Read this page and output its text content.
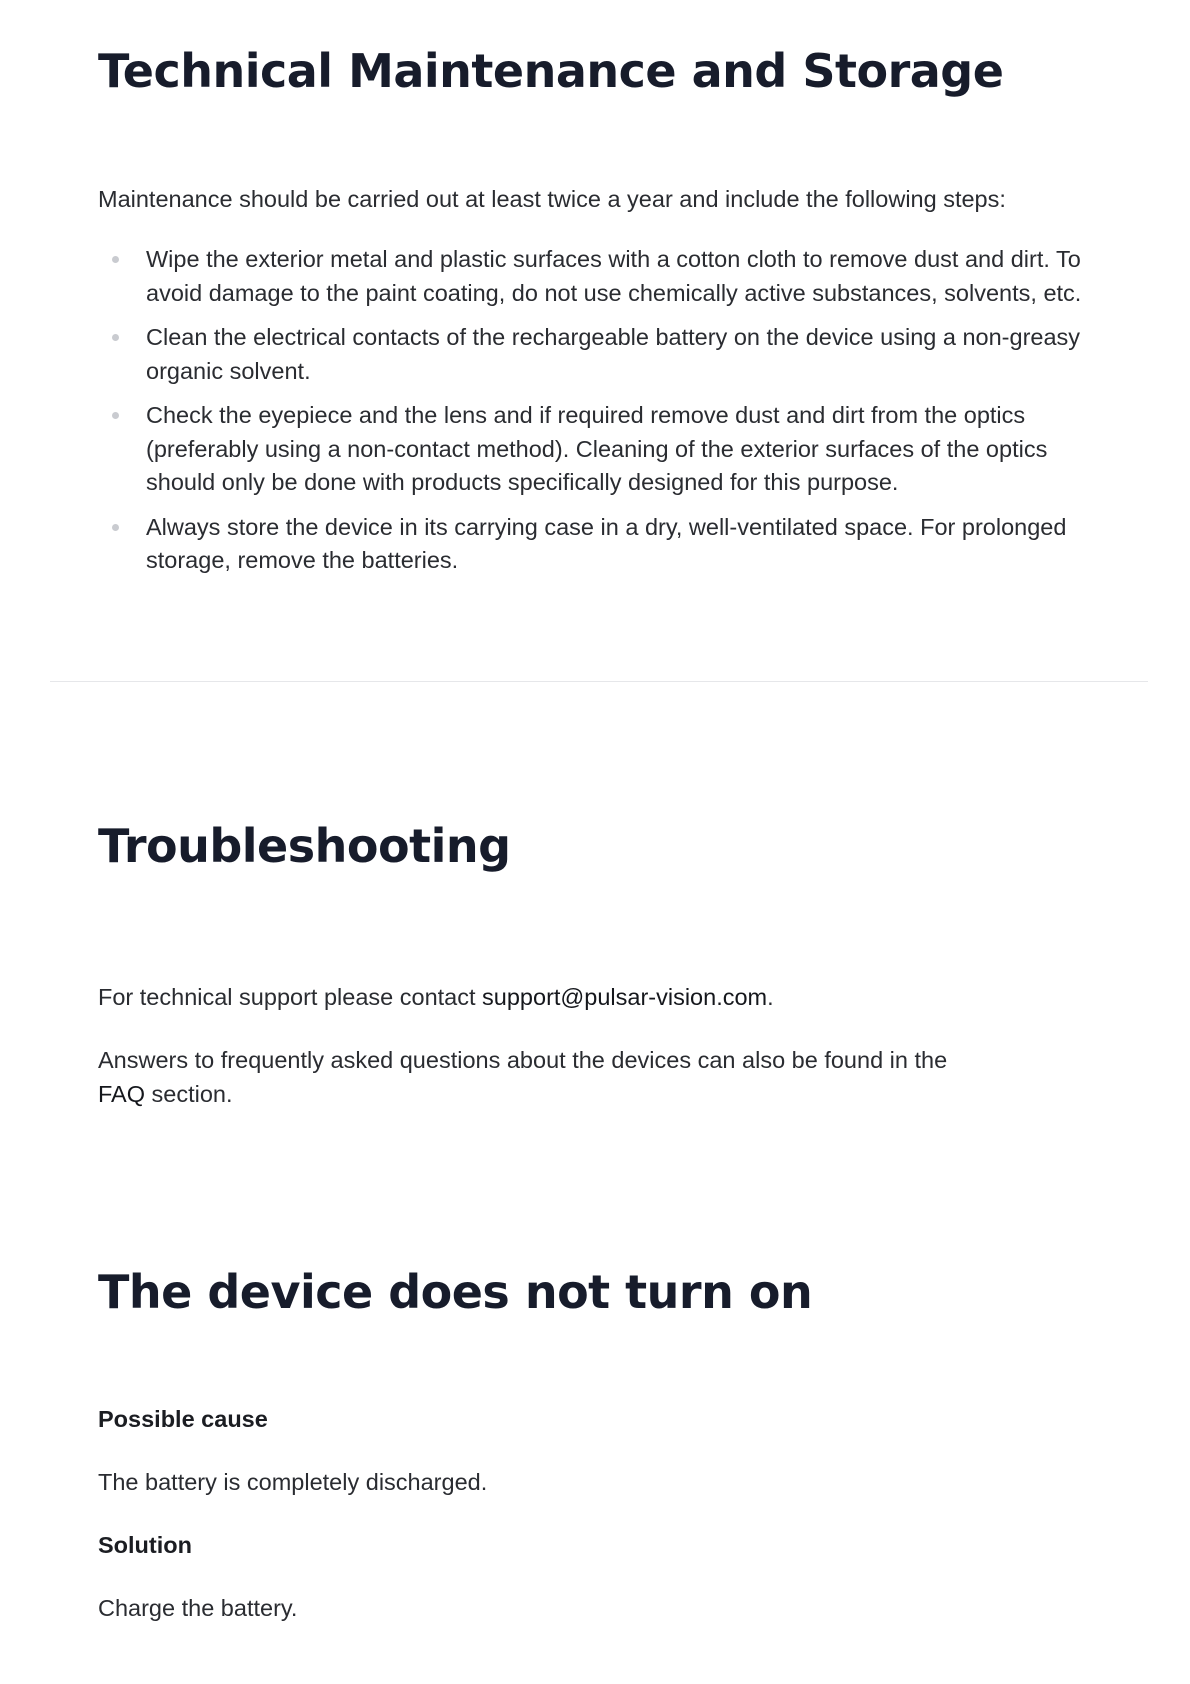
Technical Maintenance and Storage

Maintenance should be carried out at least twice a year and include the following steps:

Wipe the exterior metal and plastic surfaces with a cotton cloth to remove dust and dirt. To avoid damage to the paint coating, do not use chemically active substances, solvents, etc.
Clean the electrical contacts of the rechargeable battery on the device using a non-greasy organic solvent.
Check the eyepiece and the lens and if required remove dust and dirt from the optics (preferably using a non-contact method). Cleaning of the exterior surfaces of the optics should only be done with products specifically designed for this purpose.
Always store the device in its carrying case in a dry, well-ventilated space. For prolonged storage, remove the batteries.
Troubleshooting

For technical support please contact support@pulsar-vision.com.

Answers to frequently asked questions about the devices can also be found in the FAQ section.

The device does not turn on

Possible cause

The battery is completely discharged.

Solution

Charge the battery.
